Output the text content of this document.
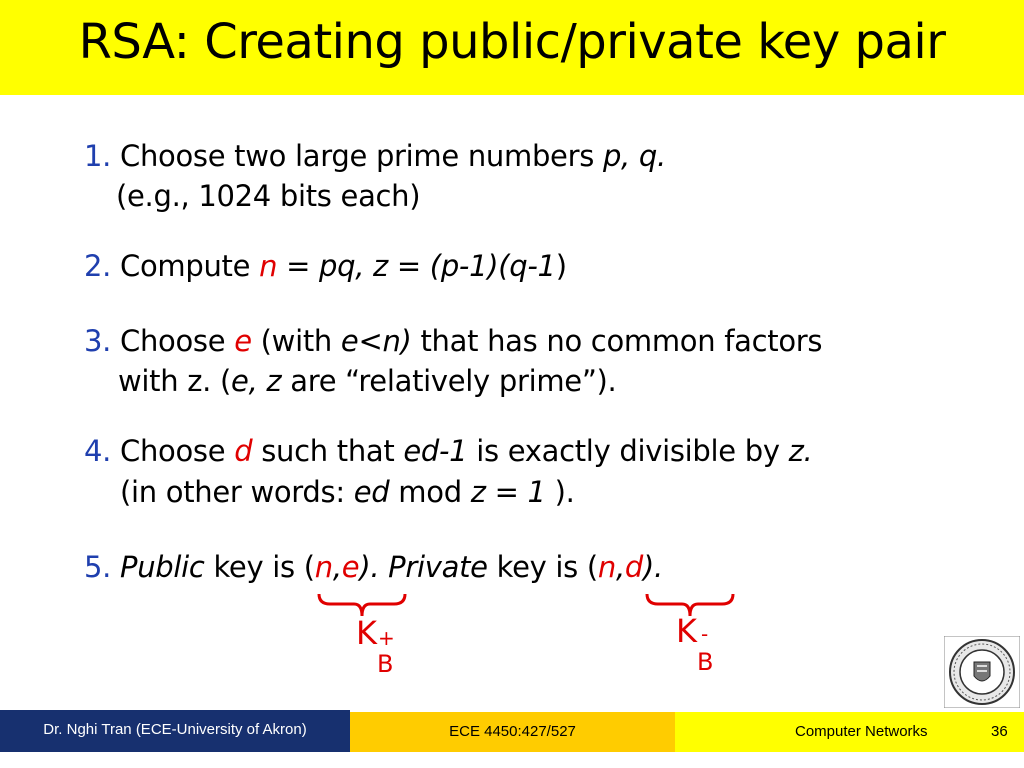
RSA: Creating public/private key pair
1. Choose two large prime numbers p, q.
(e.g., 1024 bits each)
2. Compute n = pq, z = (p-1)(q-1)
3. Choose e (with e<n) that has no common factors
with z. (e, z are “relatively prime”).
4. Choose d such that ed-1 is exactly divisible by z.
(in other words: ed mod z = 1 ).
5. Public key is (n,e). Private key is (n,d).
K +
B
K -
B
Dr. Nghi Tran (ECE-University of Akron)	ECE 4450:427/527	Computer Networks	36
